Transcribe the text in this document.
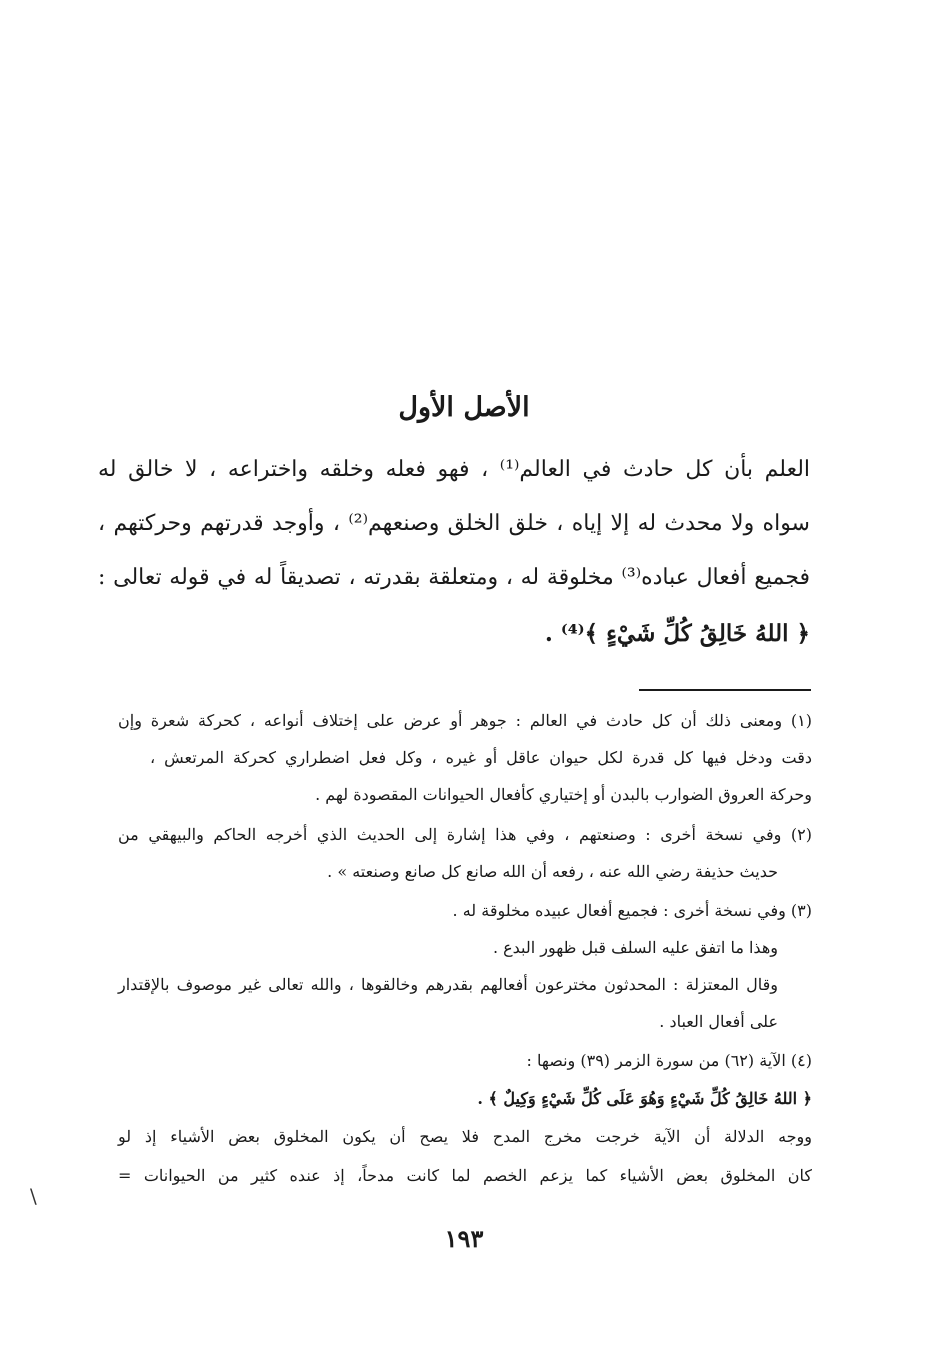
الأصل الأول
العلم بأن كل حادث في العالم⁽¹⁾ ، فهو فعله وخلقه واختراعه ، لا خالق له
سواه ولا محدث له إلا إياه ، خلق الخلق وصنعهم⁽²⁾ ، وأوجد قدرتهم وحركتهم ،
فجميع أفعال عباده⁽³⁾ مخلوقة له ، ومتعلقة بقدرته ، تصديقاً له في قوله تعالى :
﴿ اللهُ خَالِقُ كُلِّ شَيْءٍ ﴾⁽⁴⁾ .
(١) ومعنى ذلك أن كل حادث في العالم : جوهر أو عرض على إختلاف أنواعه ، كحركة شعرة وإن
دقت ودخل فيها كل قدرة لكل حيوان عاقل أو غيره ، وكل فعل اضطراري كحركة المرتعش ،
وحركة العروق الضوارب بالبدن أو إختياري كأفعال الحيوانات المقصودة لهم .
(٢) وفي نسخة أخرى : وصنعتهم ، وفي هذا إشارة إلى الحديث الذي أخرجه الحاكم والبيهقي من
حديث حذيفة رضي الله عنه ، رفعه أن الله صانع كل صانع وصنعته » .
(٣) وفي نسخة أخرى : فجميع أفعال عبيده مخلوقة له .
وهذا ما اتفق عليه السلف قبل ظهور البدع .
وقال المعتزلة : المحدثون مخترعون أفعالهم بقدرهم وخالقوها ، والله تعالى غير موصوف بالإقتدار
على أفعال العباد .
(٤) الآية (٦٢) من سورة الزمر (٣٩) ونصها :
﴿ اللهُ خَالِقُ كُلِّ شَيْءٍ وَهُوَ عَلَى كُلِّ شَيْءٍ وَكِيلٌ ﴾ .
ووجه الدلالة أن الآية خرجت مخرج المدح فلا يصح أن يكون المخلوق بعض الأشياء إذ لو
كان المخلوق بعض الأشياء كما يزعم الخصم لما كانت مدحاً، إذ عنده كثير من الحيوانات =
\
١٩٣
